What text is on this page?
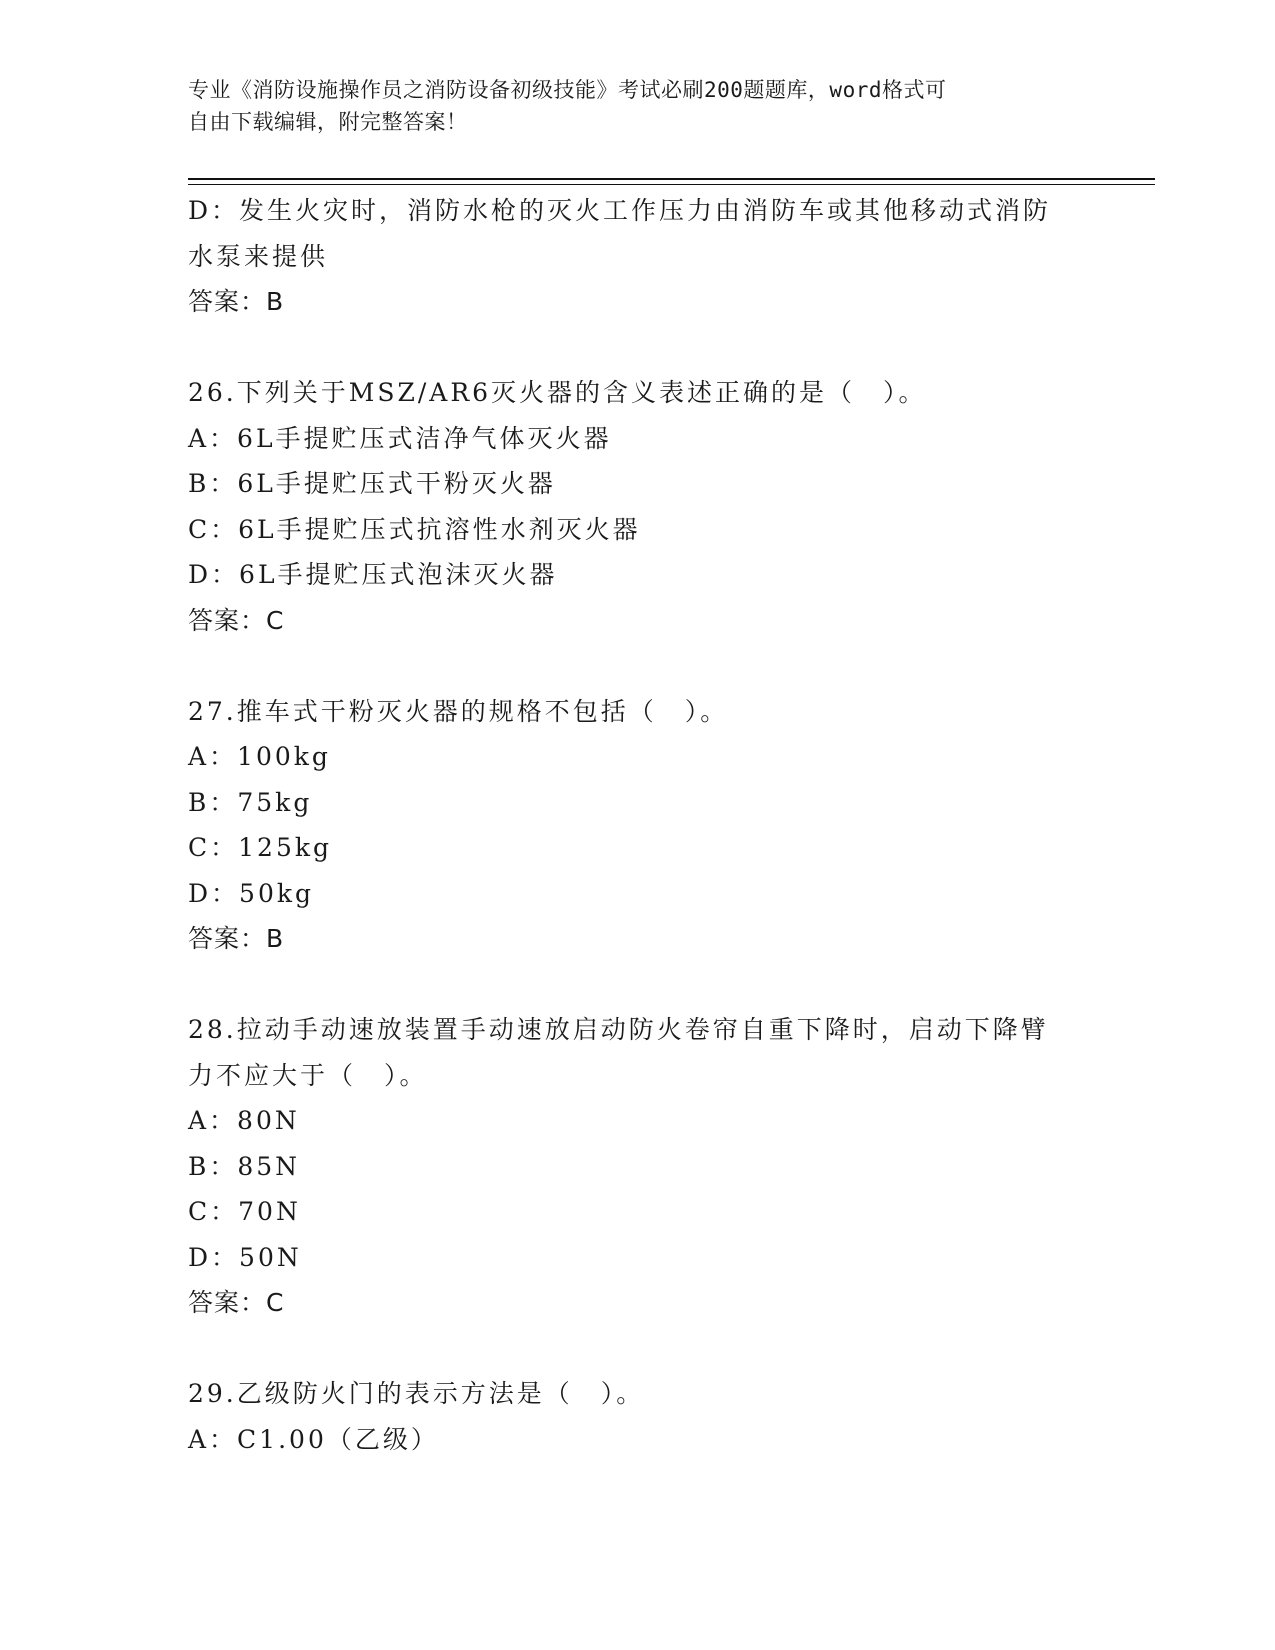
专业《消防设施操作员之消防设备初级技能》考试必刷200题题库，word格式可
自由下载编辑，附完整答案！
D：发生火灾时，消防水枪的灭火工作压力由消防车或其他移动式消防
水泵来提供
答案：B
26.下列关于MSZ/AR6灭火器的含义表述正确的是（　）。
A：6L手提贮压式洁净气体灭火器
B：6L手提贮压式干粉灭火器
C：6L手提贮压式抗溶性水剂灭火器
D：6L手提贮压式泡沫灭火器
答案：C
27.推车式干粉灭火器的规格不包括（　）。
A：100kg
B：75kg
C：125kg
D：50kg
答案：B
28.拉动手动速放装置手动速放启动防火卷帘自重下降时，启动下降臂
力不应大于（　）。
A：80N
B：85N
C：70N
D：50N
答案：C
29.乙级防火门的表示方法是（　）。
A：C1.00（乙级）
